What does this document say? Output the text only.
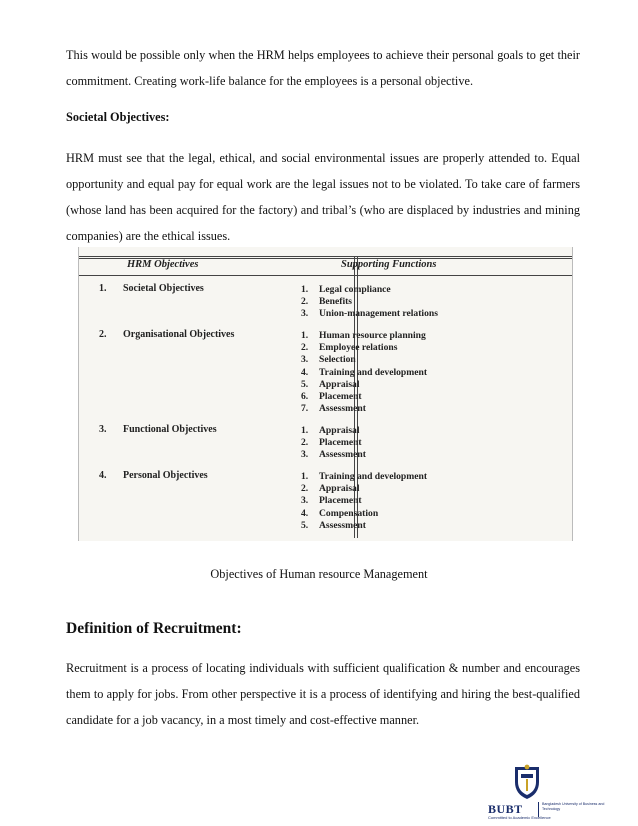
This would be possible only when the HRM helps employees to achieve their personal goals to get their commitment. Creating work-life balance for the employees is a personal objective.

Societal Objectives:

HRM must see that the legal, ethical, and social environmental issues are properly attended to. Equal opportunity and equal pay for equal work are the legal issues not to be violated. To take care of farmers (whose land has been acquired for the factory) and tribal’s (who are displaced by industries and mining companies) are the ethical issues.

HRM Objectives	Supporting Functions
1. Societal Objectives	1. Legal compliance
2. Benefits
3. Union-management relations
2. Organisational Objectives	1. Human resource planning
2. Employee relations
3. Selection
4. Training and development
5. Appraisal
6. Placement
7. Assessment
3. Functional Objectives	1. Appraisal
2. Placement
3. Assessment
4. Personal Objectives	1. Training and development
2. Appraisal
3. Placement
4. Compensation
5. Assessment
Objectives of Human resource Management

Definition of Recruitment:

Recruitment is a process of locating individuals with sufficient qualification & number and encourages them to apply for jobs. From other perspective it is a process of identifying and hiring the best-qualified candidate for a job vacancy, in a most timely and cost-effective manner.

BUBT
Committed to Academic Excellence
Bangladesh University of Business and Technology
